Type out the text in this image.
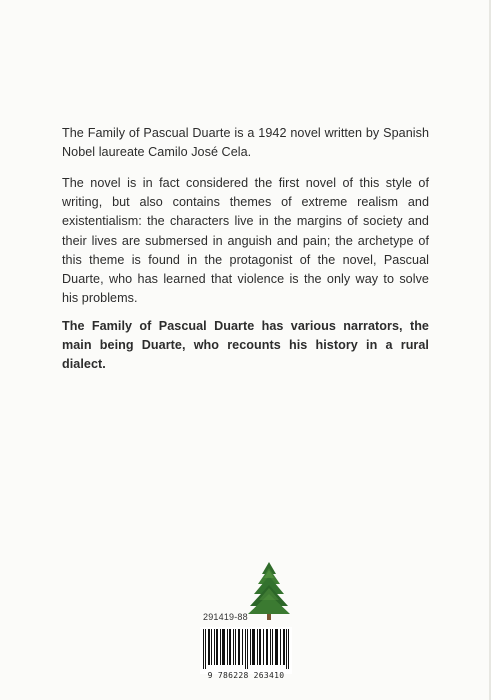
The Family of Pascual Duarte is a 1942 novel written by Spanish Nobel laureate Camilo José Cela.

The novel is in fact considered the first novel of this style of writing, but also contains themes of extreme realism and existentialism: the characters live in the margins of society and their lives are submersed in anguish and pain; the archetype of this theme is found in the protagonist of the novel, Pascual Duarte, who has learned that violence is the only way to solve his problems.

The Family of Pascual Duarte has various narrators, the main being Duarte, who recounts his history in a rural dialect.

291419-88
9 786228 263410
